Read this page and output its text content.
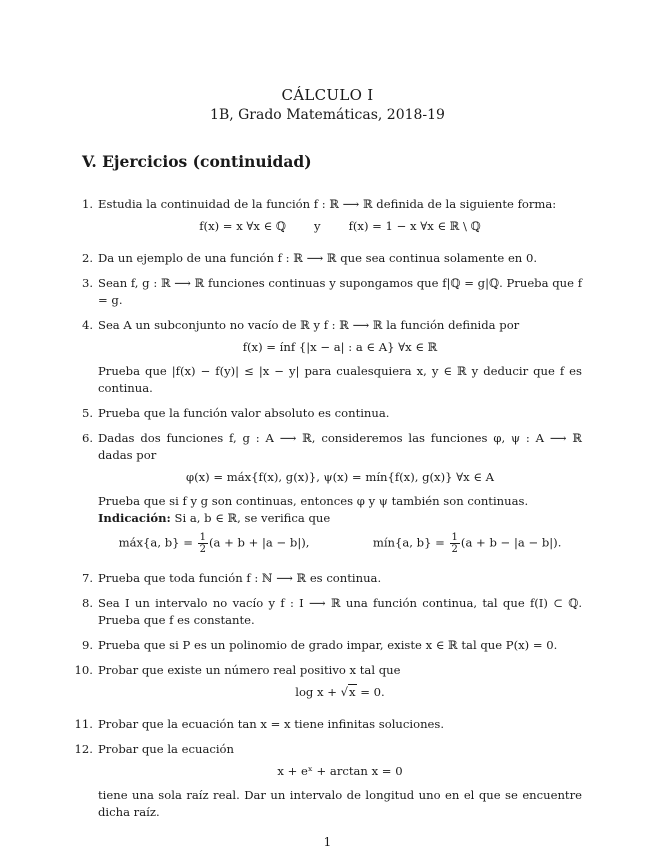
CÁLCULO I
1B, Grado Matemáticas, 2018-19
V. Ejercicios (continuidad)
1. Estudia la continuidad de la función f : ℝ ⟶ ℝ definida de la siguiente forma:
f(x) = x ∀x ∈ ℚ y f(x) = 1 − x ∀x ∈ ℝ \ ℚ
2. Da un ejemplo de una función f : ℝ ⟶ ℝ que sea continua solamente en 0.
3. Sean f, g : ℝ ⟶ ℝ funciones continuas y supongamos que f|ℚ = g|ℚ. Prueba que f = g.
4. Sea A un subconjunto no vacío de ℝ y f : ℝ ⟶ ℝ la función definida por
f(x) = ínf {|x − a| : a ∈ A} ∀x ∈ ℝ
Prueba que |f(x) − f(y)| ≤ |x − y| para cualesquiera x, y ∈ ℝ y deducir que f es continua.
5. Prueba que la función valor absoluto es continua.
6. Dadas dos funciones f, g : A ⟶ ℝ, consideremos las funciones φ, ψ : A ⟶ ℝ dadas por
φ(x) = máx{f(x), g(x)}, ψ(x) = mín{f(x), g(x)} ∀x ∈ A
Prueba que si f y g son continuas, entonces φ y ψ también son continuas.
Indicación: Si a, b ∈ ℝ, se verifica que
máx{a, $b\} = \frac{1}{2} (a + b + |a - b|)$,	mín{a, $b\} = \frac{1}{2} (a + b - |a - b|)$.
7. Prueba que toda función f : ℕ ⟶ ℝ es continua.
8. Sea I un intervalo no vacío y f : I ⟶ ℝ una función continua, tal que f(I) ⊂ ℚ. Prueba que f es constante.
9. Prueba que si P es un polinomio de grado impar, existe x ∈ ℝ tal que P(x) = 0.
10. Probar que existe un número real positivo x tal que
log x + √x = 0.
11. Probar que la ecuación tan x = x tiene infinitas soluciones.
12. Probar que la ecuación
x + eˣ + arctan x = 0
tiene una sola raíz real. Dar un intervalo de longitud uno en el que se encuentre dicha raíz.
1
